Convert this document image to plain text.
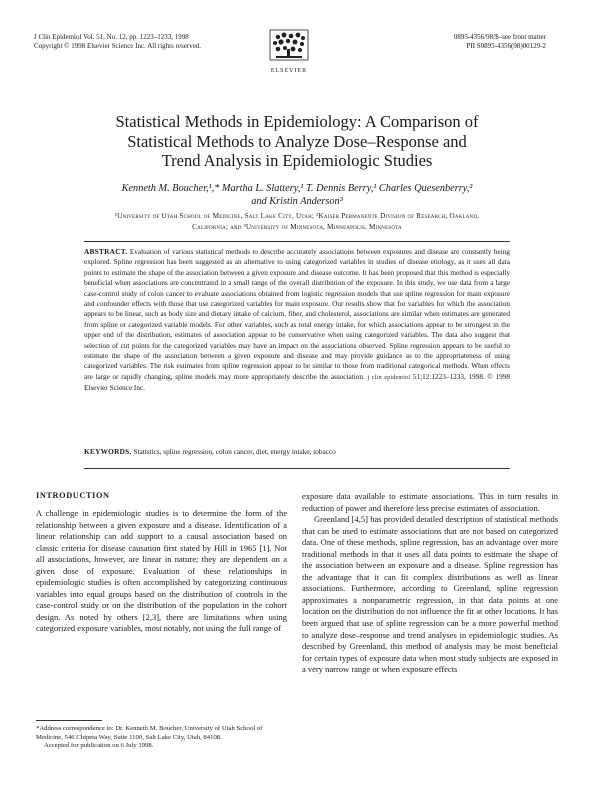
J Clin Epidemiol Vol. 51, No. 12, pp. 1223–1233, 1998
Copyright © 1998 Elsevier Science Inc. All rights reserved.
ELSEVIER
0895-4356/98/$–see front matter
PII S0895-4356(98)00129-2
Statistical Methods in Epidemiology: A Comparison of
Statistical Methods to Analyze Dose–Response and
Trend Analysis in Epidemiologic Studies
Kenneth M. Boucher,¹,* Martha L. Slattery,¹ T. Dennis Berry,¹ Charles Quesenberry,²
and Kristin Anderson³
¹University of Utah School of Medicine, Salt Lake City, Utah; ²Kaiser Permanente Division of Research, Oakland,
California; and ³University of Minnesota, Minneapolis, Minnesota
ABSTRACT. Evaluation of various statistical methods to describe accurately associations between exposures and disease are constantly being explored. Spline regression has been suggested as an alternative to using categorized variables in studies of disease etiology, as it uses all data points to estimate the shape of the association between a given exposure and disease outcome. It has been proposed that this method is especially beneficial when associations are concentrated in a small range of the overall distribution of the exposure. In this study, we use data from a large case-control study of colon cancer to evaluate associations obtained from logistic regression models that use spline regression for main exposure and confounder effects with those that use categorized variables for main exposure. Our results show that for variables for which the association appears to be linear, such as body size and dietary intake of calcium, fiber, and cholesterol, associations are similar when estimates are generated from spline or categorized variable models. For other variables, such as total energy intake, for which associations appear to be strongest in the upper end of the distribution, estimates of association appear to be conservative when using categorized variables. The data also suggest that selection of cut points for the categorized variables may have an impact on the associations observed. Spline regression appears to be useful to estimate the shape of the association between a given exposure and disease and may provide guidance as to the appropriateness of using categorized variables. The risk estimates from spline regression appear to be similar to those from traditional categorical methods. When effects are large or rapidly changing, spline models may more appropriately describe the association. j clin epidemiol 51;12:1223–1233, 1998. © 1998 Elsevier Science Inc.
KEYWORDS. Statistics, spline regression, colon cancer, diet, energy intake, tobacco
INTRODUCTION

A challenge in epidemiologic studies is to determine the form of the relationship between a given exposure and a disease. Identification of a linear relationship can add support to a causal association based on classic criteria for disease causation first stated by Hill in 1965 [1]. Not all associations, however, are linear in nature; they are dependent on a given dose of exposure. Evaluation of these relationships in epidemiologic studies is often accomplished by categorizing continuous variables into equal groups based on the distribution of controls in the case-control study or on the distribution of the population in the cohort design. As noted by others [2,3], there are limitations when using categorized exposure variables, most notably, not using the full range of

exposure data available to estimate associations. This in turn results in reduction of power and therefore less precise estimates of association.

Greenland [4,5] has provided detailed description of statistical methods that can be used to estimate associations that are not based on categorized data. One of these methods, spline regression, has an advantage over more traditional methods in that it uses all data points to estimate the shape of the association between an exposure and a disease. Spline regression has the advantage that it can fit complex distributions as well as linear associations. Furthermore, according to Greenland, spline regression approximates a nonparametric regression, in that data points at one location on the distribution do not influence the fit at other locations. It has been argued that use of spline regression can be a more powerful method to analyze dose–response and trend analyses in epidemiologic studies. As described by Greenland, this method of analysis may be most beneficial for certain types of exposure data when most study subjects are exposed in a very narrow range or when exposure effects

*Address correspondence to: Dr. Kenneth M. Boucher, University of Utah School of Medicine, 546 Chipeta Way, Suite 1100, Salt Lake City, Utah, 84108.

Accepted for publication on 6 July 1998.
